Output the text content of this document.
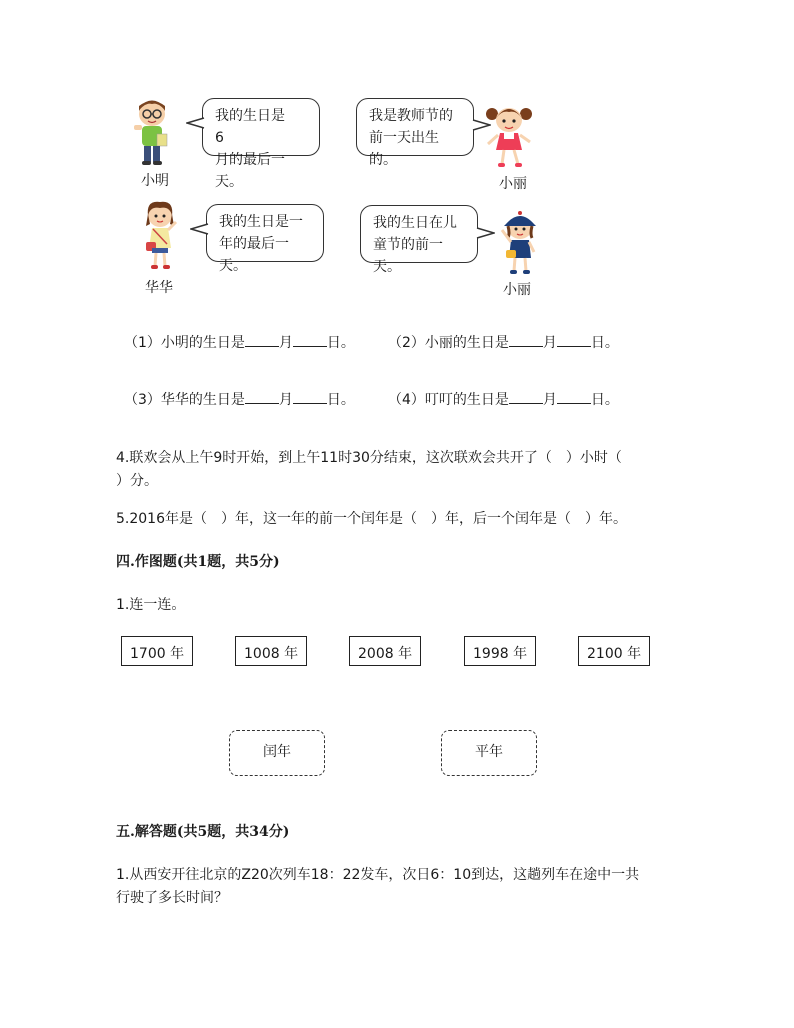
小明
我的生日是　6
月的最后一天。
我是教师节的
前一天出生的。
小丽
华华
我的生日是一
年的最后一天。
我的生日在儿
童节的前一天。
小丽
（1）小明的生日是 月 日。 （2）小丽的生日是 月 日。
（3）华华的生日是 月 日。 （4）叮叮的生日是 月 日。
4.联欢会从上午9时开始，到上午11时30分结束，这次联欢会共开了（　）小时（
）分。
5.2016年是（　）年，这一年的前一个闰年是（　）年，后一个闰年是（　）年。
四.作图题(共1题，共5分)
1.连一连。
1700 年	1008 年	2008 年	1998 年	2100 年
闰年	平年
五.解答题(共5题，共34分)
1.从西安开往北京的Z20次列车18：22发车，次日6：10到达，这趟列车在途中一共
行驶了多长时间？
